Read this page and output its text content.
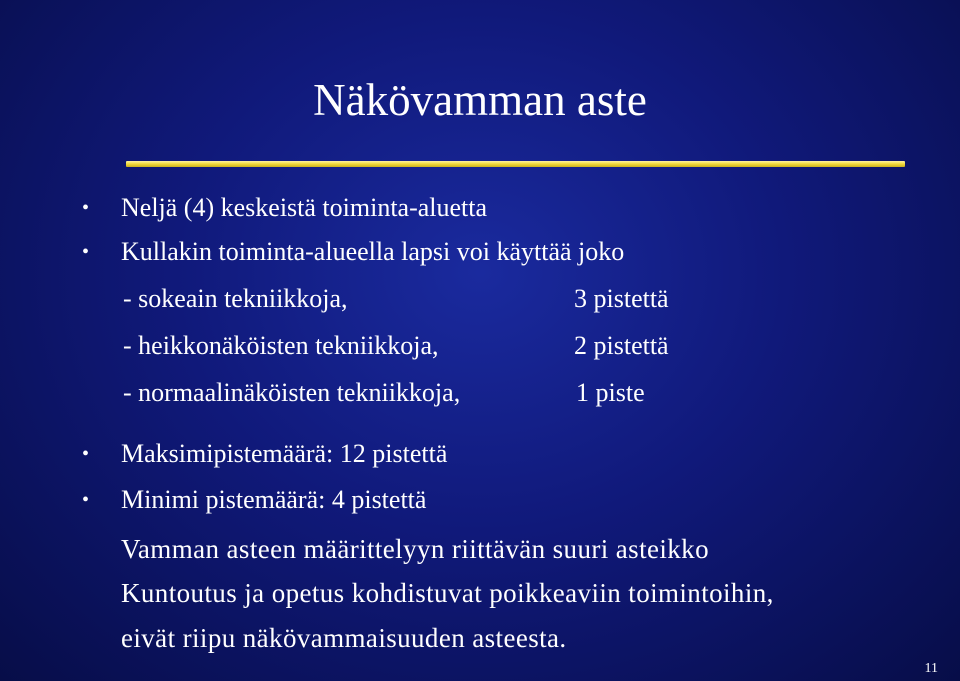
Näkövamman aste
• Neljä (4) keskeistä toiminta-aluetta
• Kullakin toiminta-alueella lapsi voi käyttää joko
- sokeain tekniikkoja,	3 pistettä
- heikkonäköisten tekniikkoja,	2 pistettä
- normaalinäköisten tekniikkoja,	1 piste
• Maksimipistemäärä: 12 pistettä
• Minimi pistemäärä: 4 pistettä
Vamman asteen määrittelyyn riittävän suuri asteikko
Kuntoutus ja opetus kohdistuvat poikkeaviin toimintoihin,
eivät riipu näkövammaisuuden asteesta.
11
